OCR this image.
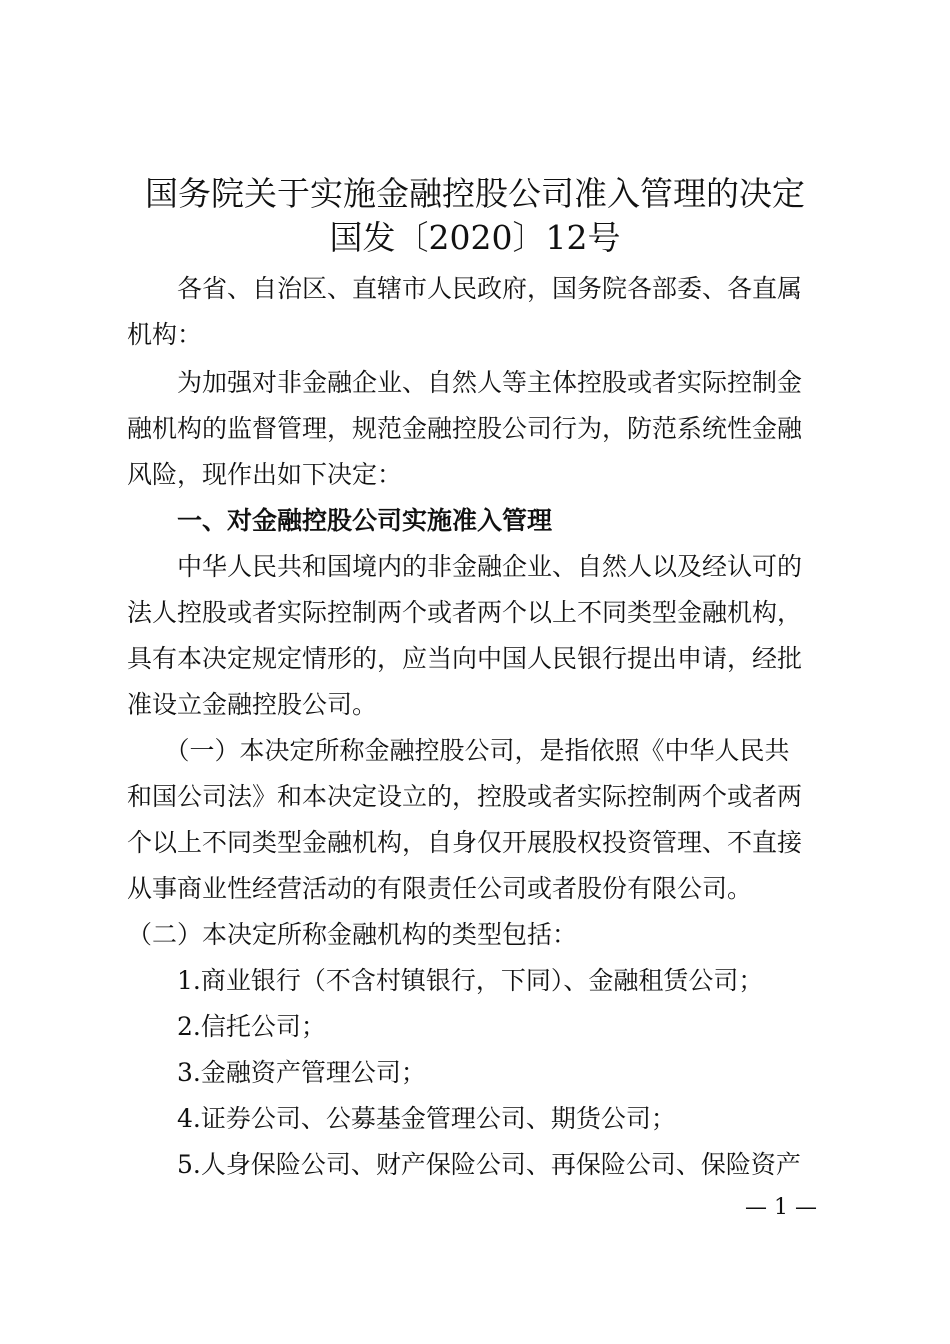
国务院关于实施金融控股公司准入管理的决定
国发〔2020〕12号
　　各省、自治区、直辖市人民政府，国务院各部委、各直属
机构：
　　为加强对非金融企业、自然人等主体控股或者实际控制金
融机构的监督管理，规范金融控股公司行为，防范系统性金融
风险，现作出如下决定：
　　一、对金融控股公司实施准入管理
　　中华人民共和国境内的非金融企业、自然人以及经认可的
法人控股或者实际控制两个或者两个以上不同类型金融机构，
具有本决定规定情形的，应当向中国人民银行提出申请，经批
准设立金融控股公司。
　　（一）本决定所称金融控股公司，是指依照《中华人民共
和国公司法》和本决定设立的，控股或者实际控制两个或者两
个以上不同类型金融机构，自身仅开展股权投资管理、不直接
从事商业性经营活动的有限责任公司或者股份有限公司。
（二）本决定所称金融机构的类型包括：
　　1.商业银行（不含村镇银行，下同）、金融租赁公司；
　　2.信托公司；
　　3.金融资产管理公司；
　　4.证券公司、公募基金管理公司、期货公司；
　　5.人身保险公司、财产保险公司、再保险公司、保险资产
— 1 —
